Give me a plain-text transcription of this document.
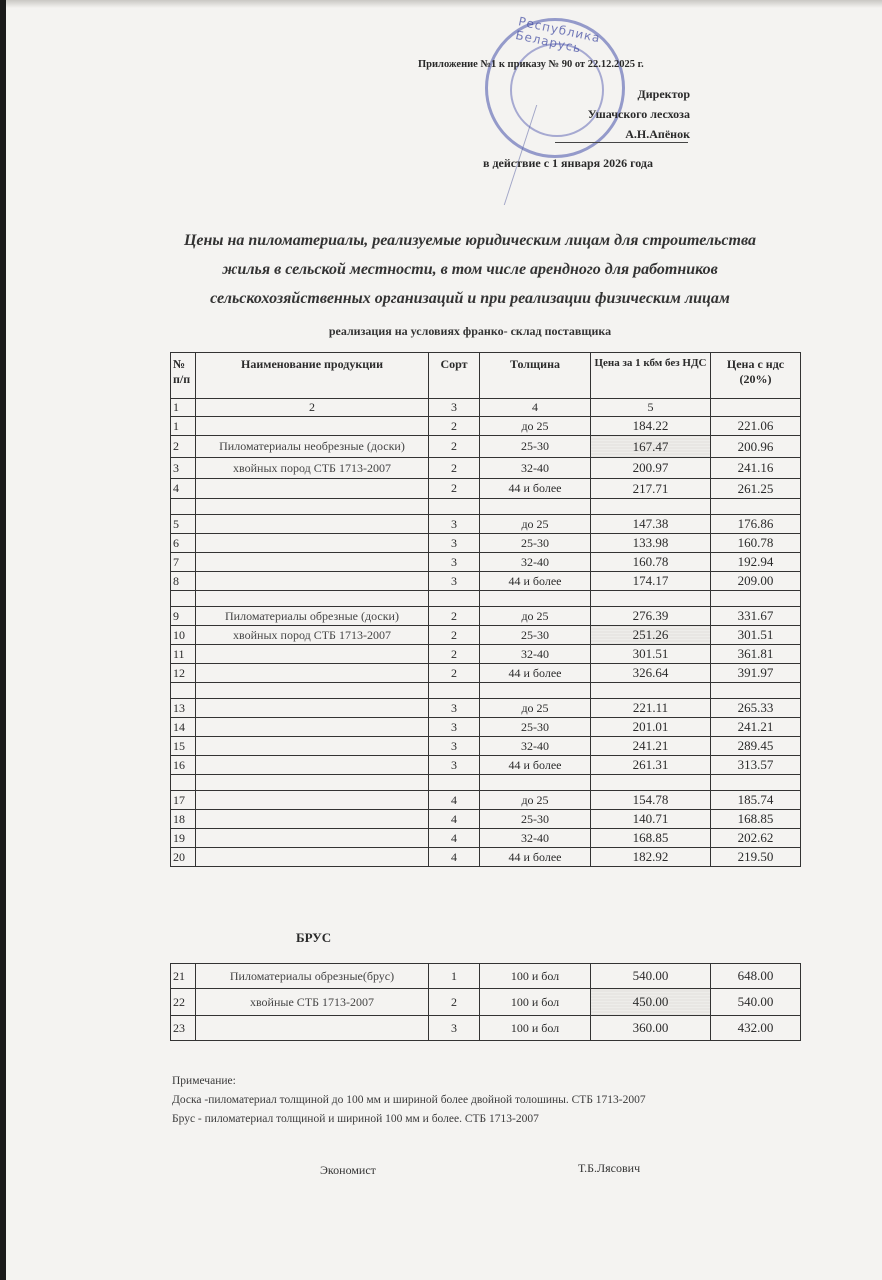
Республика Беларусь
Приложение №1 к приказу № 90 от 22.12.2025 г.
Директор
Ушачского лесхоза
А.Н.Апёнок
в действие с 1 января 2026 года
Цены на пиломатериалы, реализуемые юридическим лицам для строительства
жилья в сельской местности, в том числе арендного для работников
сельскохозяйственных организаций и при реализации физическим лицам
реализация на условиях франко- склад поставщика
№ п/п	Наименование продукции	Сорт	Толщина	Цена за 1 кбм без НДС	Цена с ндс (20%)
1	2	3	4	5	
1		2	до 25	184.22	221.06
2	Пиломатериалы необрезные (доски)	2	25-30	167.47	200.96
3	хвойных пород СТБ 1713-2007	2	32-40	200.97	241.16
4		2	44 и более	217.71	261.25

5		3	до 25	147.38	176.86
6		3	25-30	133.98	160.78
7		3	32-40	160.78	192.94
8		3	44 и более	174.17	209.00

9	Пиломатериалы обрезные (доски)	2	до 25	276.39	331.67
10	хвойных пород СТБ 1713-2007	2	25-30	251.26	301.51
11		2	32-40	301.51	361.81
12		2	44 и более	326.64	391.97

13		3	до 25	221.11	265.33
14		3	25-30	201.01	241.21
15		3	32-40	241.21	289.45
16		3	44 и более	261.31	313.57

17		4	до 25	154.78	185.74
18		4	25-30	140.71	168.85
19		4	32-40	168.85	202.62
20		4	44 и более	182.92	219.50
БРУС
21	Пиломатериалы обрезные(брус)	1	100 и бол	540.00	648.00
22	хвойные СТБ 1713-2007	2	100 и бол	450.00	540.00
23		3	100 и бол	360.00	432.00
Примечание:
Доска -пиломатериал толщиной до 100 мм и шириной более двойной толошины. СТБ 1713-2007
Брус - пиломатериал толщиной и шириной 100 мм и более. СТБ 1713-2007
Экономист	Т.Б.Лясович
